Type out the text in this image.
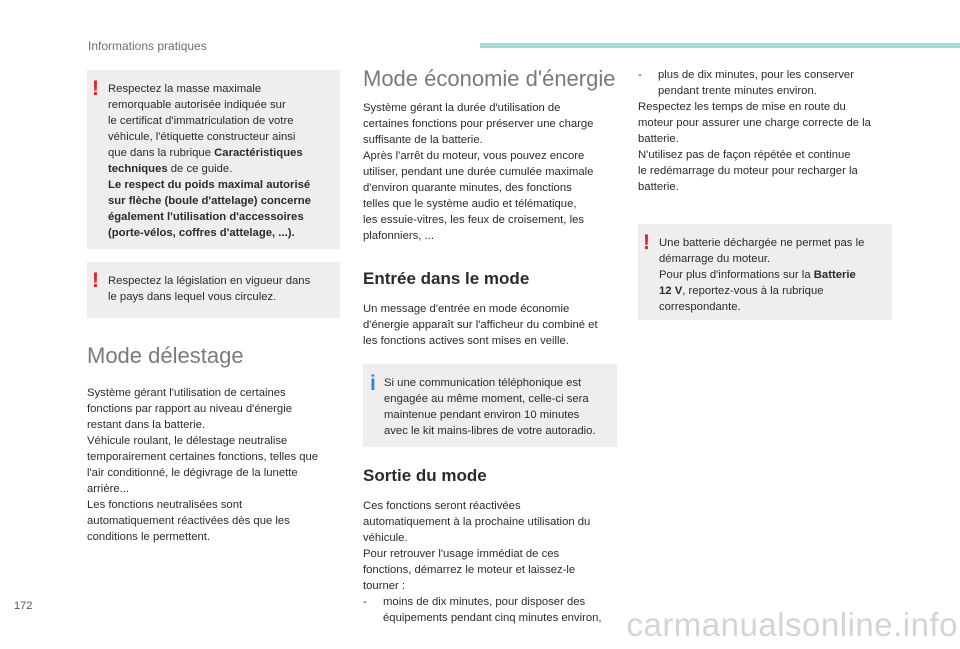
Informations pratiques
! Respectez la masse maximale
remorquable autorisée indiquée sur
le certificat d'immatriculation de votre
véhicule, l'étiquette constructeur ainsi
que dans la rubrique Caractéristiques
techniques de ce guide.
Le respect du poids maximal autorisé
sur flèche (boule d'attelage) concerne
également l'utilisation d'accessoires
(porte-vélos, coffres d'attelage, ...).

! Respectez la législation en vigueur dans
le pays dans lequel vous circulez.

Mode délestage

Système gérant l'utilisation de certaines
fonctions par rapport au niveau d'énergie
restant dans la batterie.
Véhicule roulant, le délestage neutralise
temporairement certaines fonctions, telles que
l'air conditionné, le dégivrage de la lunette
arrière...
Les fonctions neutralisées sont
automatiquement réactivées dès que les
conditions le permettent.

Mode économie d'énergie

Système gérant la durée d'utilisation de
certaines fonctions pour préserver une charge
suffisante de la batterie.
Après l'arrêt du moteur, vous pouvez encore
utiliser, pendant une durée cumulée maximale
d'environ quarante minutes, des fonctions
telles que le système audio et télématique,
les essuie-vitres, les feux de croisement, les
plafonniers, ...

Entrée dans le mode

Un message d'entrée en mode économie
d'énergie apparaît sur l'afficheur du combiné et
les fonctions actives sont mises en veille.

i Si une communication téléphonique est
engagée au même moment, celle-ci sera
maintenue pendant environ 10 minutes
avec le kit mains-libres de votre autoradio.

Sortie du mode

Ces fonctions seront réactivées
automatiquement à la prochaine utilisation du
véhicule.
Pour retrouver l'usage immédiat de ces
fonctions, démarrez le moteur et laissez-le
tourner :

- moins de dix minutes, pour disposer des
équipements pendant cinq minutes environ,
- plus de dix minutes, pour les conserver
pendant trente minutes environ.

Respectez les temps de mise en route du
moteur pour assurer une charge correcte de la
batterie.
N'utilisez pas de façon répétée et continue
le redémarrage du moteur pour recharger la
batterie.

! Une batterie déchargée ne permet pas le
démarrage du moteur.
Pour plus d'informations sur la Batterie
12 V, reportez-vous à la rubrique
correspondante.

172	carmanualsonline.info
